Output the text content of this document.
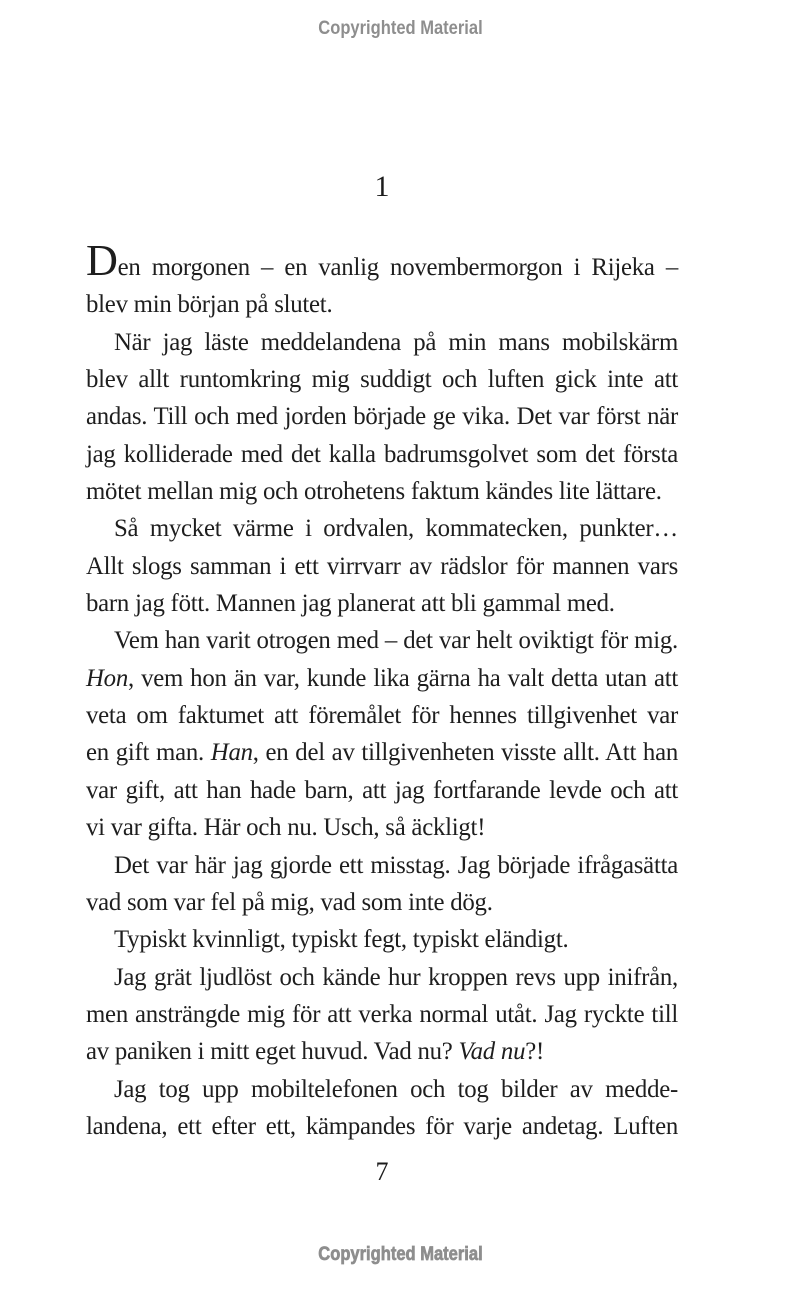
Copyrighted Material
1
Den morgonen – en vanlig novembermorgon i Rijeka –
blev min början på slutet.
När jag läste meddelandena på min mans mobilskärm
blev allt runtomkring mig suddigt och luften gick inte att
andas. Till och med jorden började ge vika. Det var först när
jag kolliderade med det kalla badrumsgolvet som det första
mötet mellan mig och otrohetens faktum kändes lite lättare.
Så mycket värme i ordvalen, kommatecken, punkter…
Allt slogs samman i ett virrvarr av rädslor för mannen vars
barn jag fött. Mannen jag planerat att bli gammal med.
Vem han varit otrogen med – det var helt oviktigt för mig.
Hon, vem hon än var, kunde lika gärna ha valt detta utan att
veta om faktumet att föremålet för hennes tillgivenhet var
en gift man. Han, en del av tillgivenheten visste allt. Att han
var gift, att han hade barn, att jag fortfarande levde och att
vi var gifta. Här och nu. Usch, så äckligt!
Det var här jag gjorde ett misstag. Jag började ifrågasätta
vad som var fel på mig, vad som inte dög.
Typiskt kvinnligt, typiskt fegt, typiskt eländigt.
Jag grät ljudlöst och kände hur kroppen revs upp inifrån,
men ansträngde mig för att verka normal utåt. Jag ryckte till
av paniken i mitt eget huvud. Vad nu? Vad nu?!
Jag tog upp mobiltelefonen och tog bilder av medde-
landena, ett efter ett, kämpandes för varje andetag. Luften
7
Copyrighted Material
